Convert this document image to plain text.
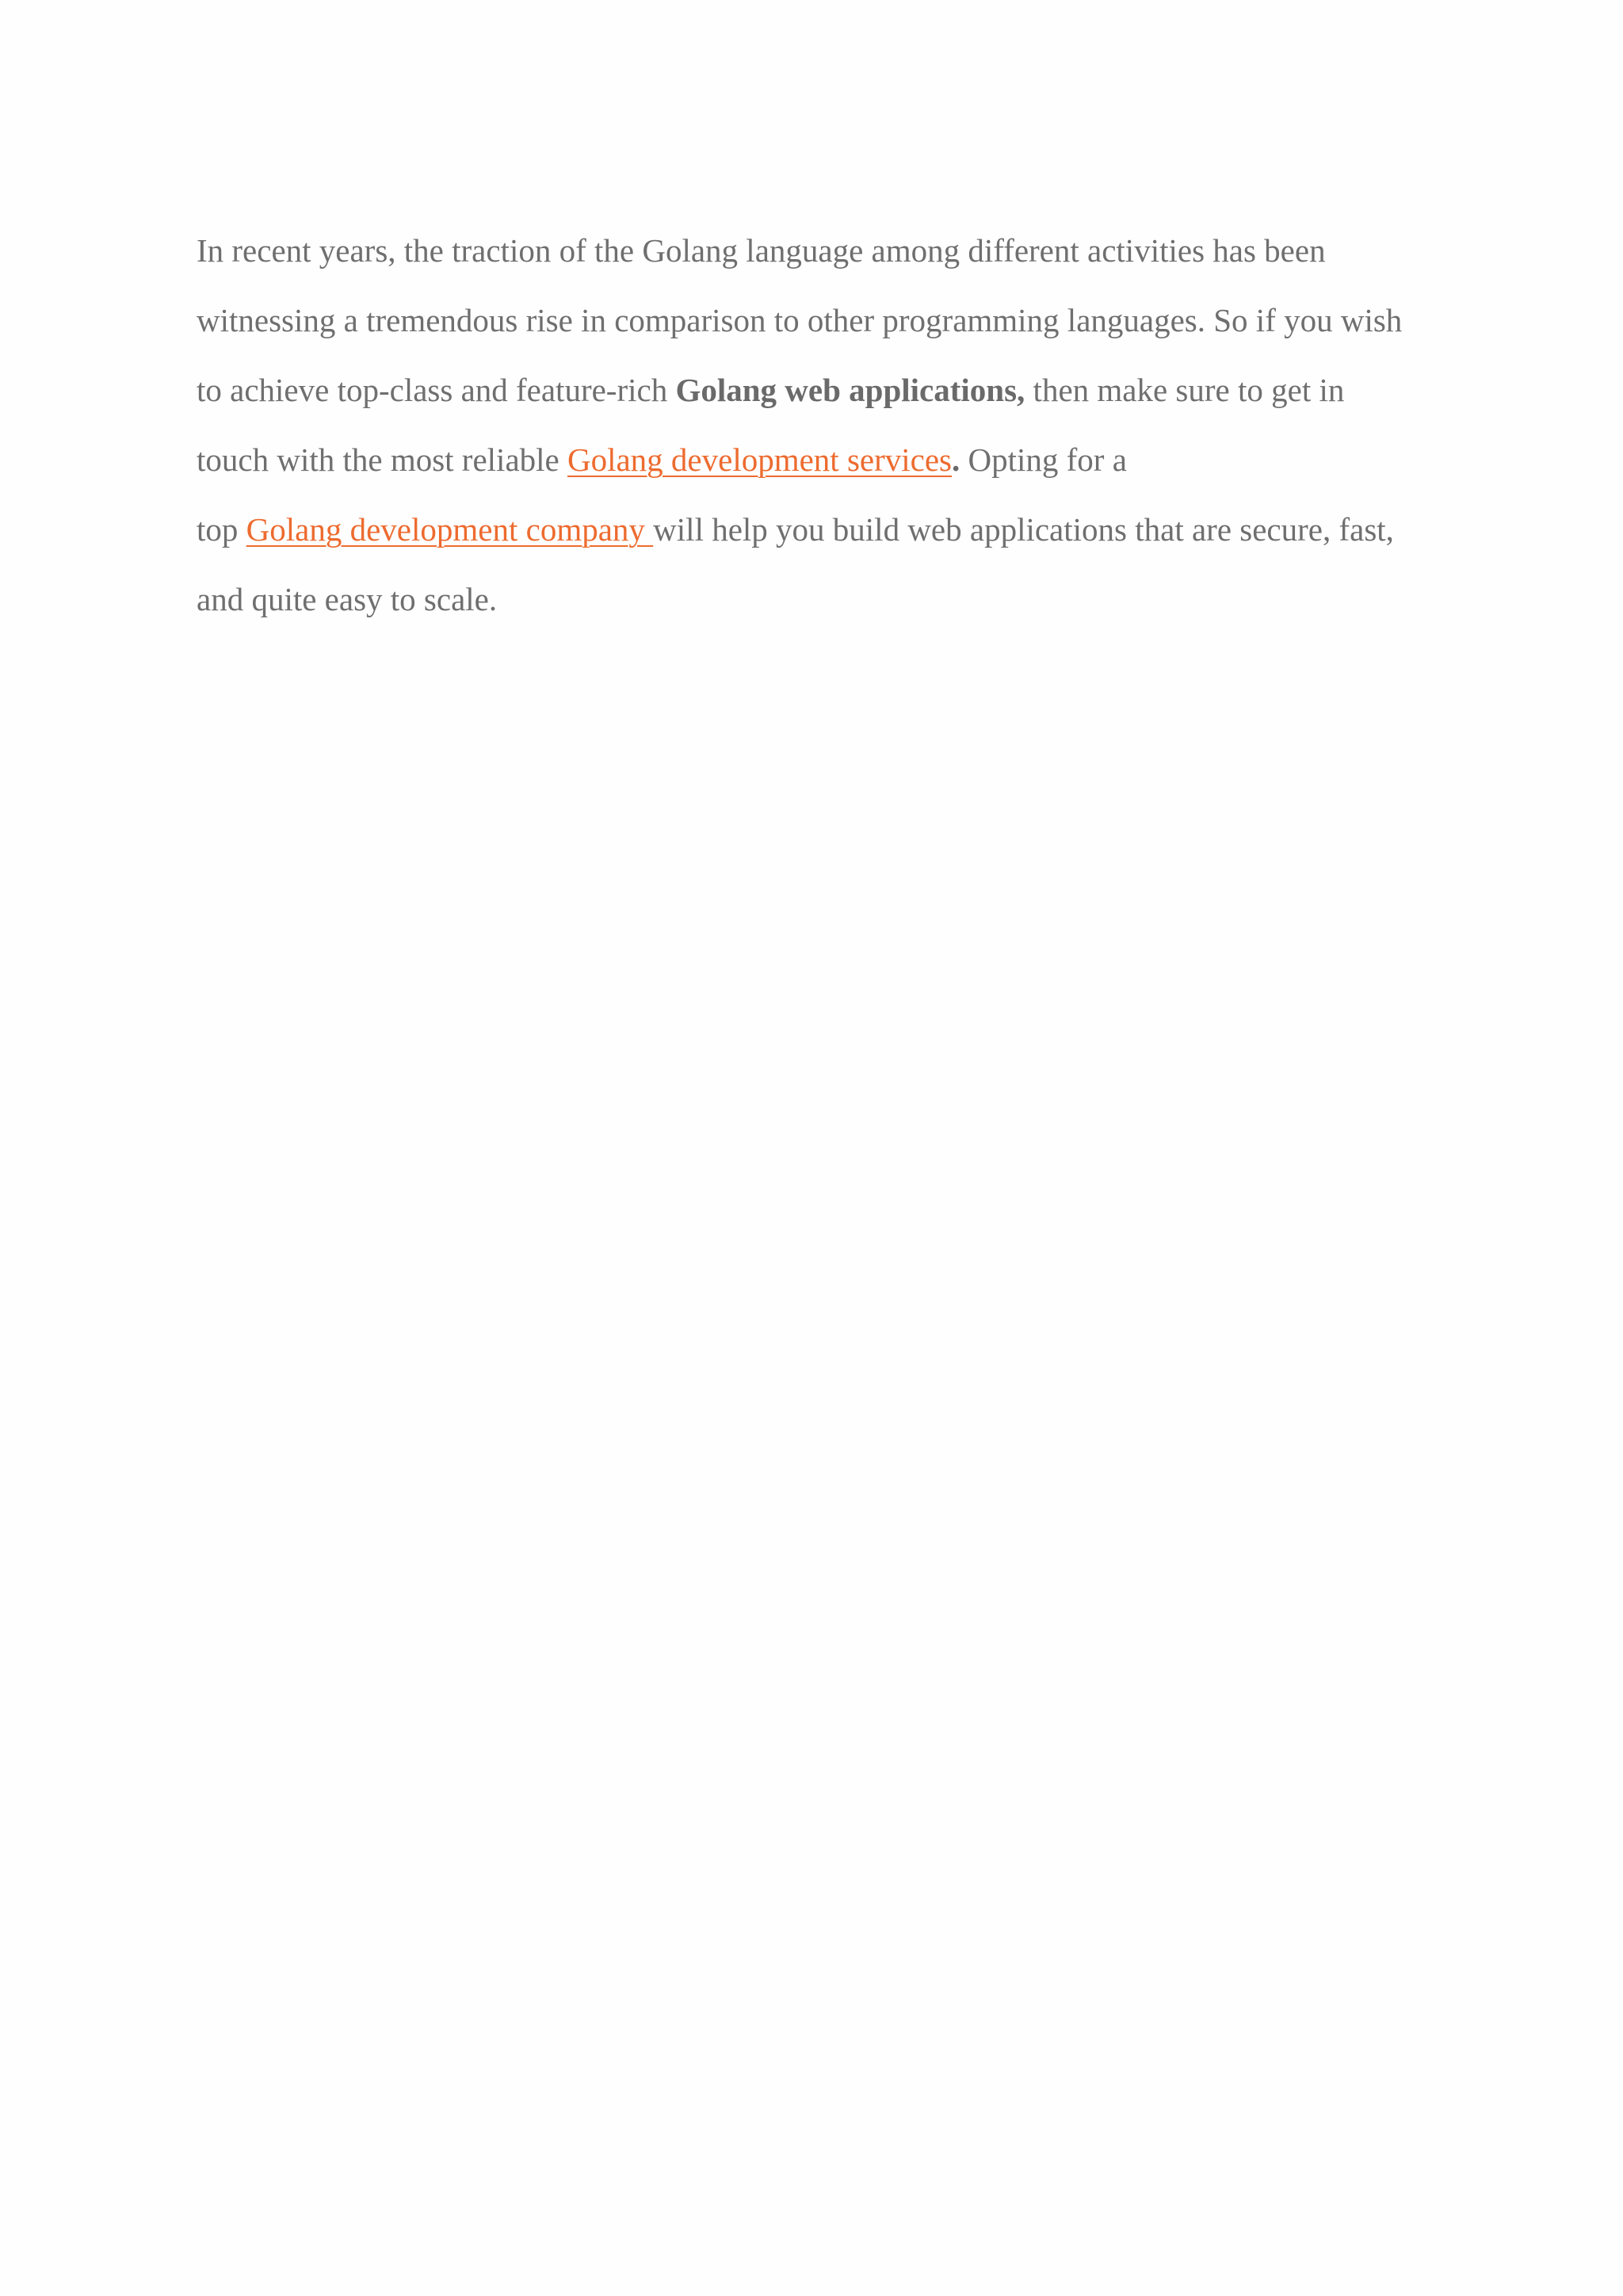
In recent years, the traction of the Golang language among different activities has been
witnessing a tremendous rise in comparison to other programming languages. So if you wish
to achieve top-class and feature-rich Golang web applications, then make sure to get in
touch with the most reliable Golang development services. Opting for a
top Golang development company will help you build web applications that are secure, fast,
and quite easy to scale.
